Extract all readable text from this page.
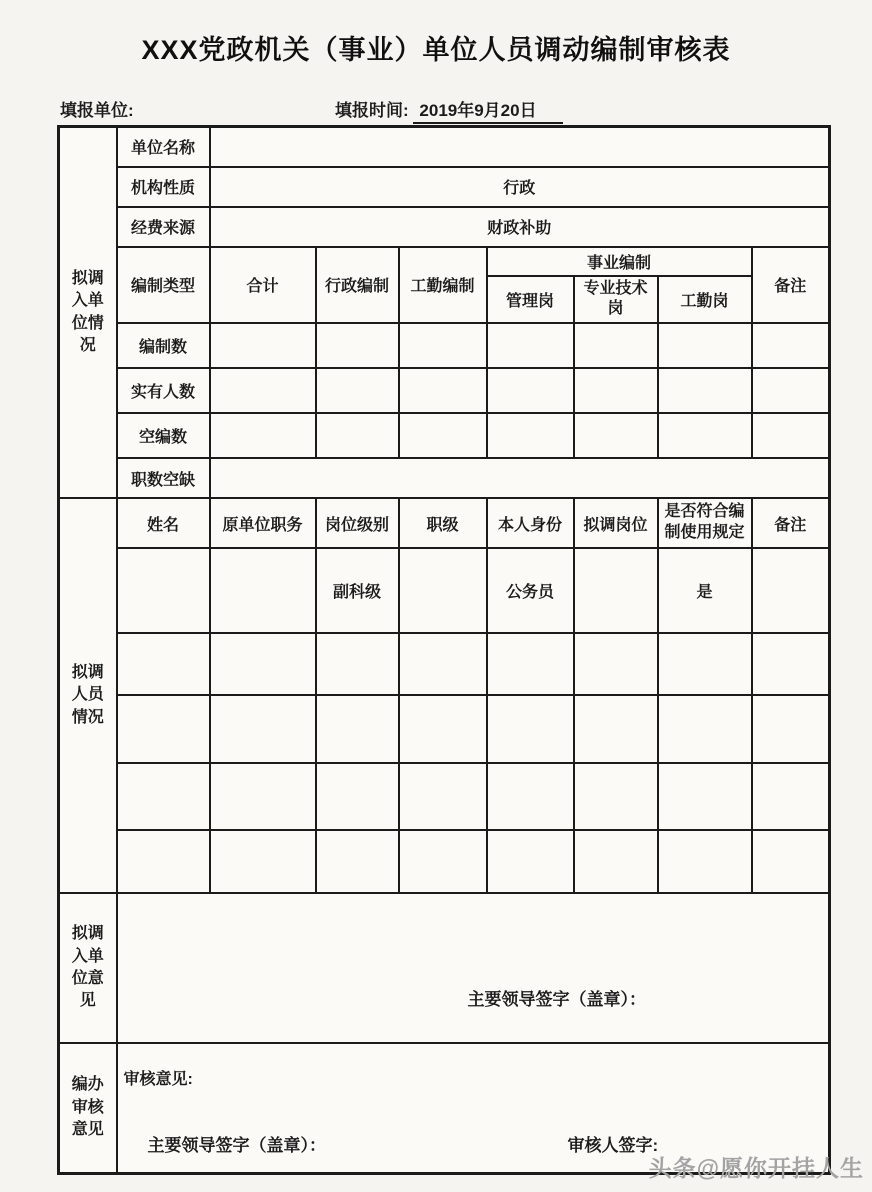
XXX党政机关（事业）单位人员调动编制审核表
填报单位:	填报时间: 2019年9月20日
拟调入单位情况	单位名称							
	机构性质	行政						
	经费来源	财政补助						
	编制类型	合计	行政编制	工勤编制	事业编制			备注
					管理岗	专业技术岗	工勤岗	
	编制数							
	实有人数							
	空编数							
	职数空缺							
拟调人员情况	姓名	原单位职务	岗位级别	职级	本人身份	拟调岗位	是否符合编制使用规定	备注
			副科级		公务员		是	

拟调入单位意见	主要领导签字（盖章）：							

编办审核意见	审核意见:
主要领导签字（盖章）： 审核人签字:							
头条@愿你开挂人生
